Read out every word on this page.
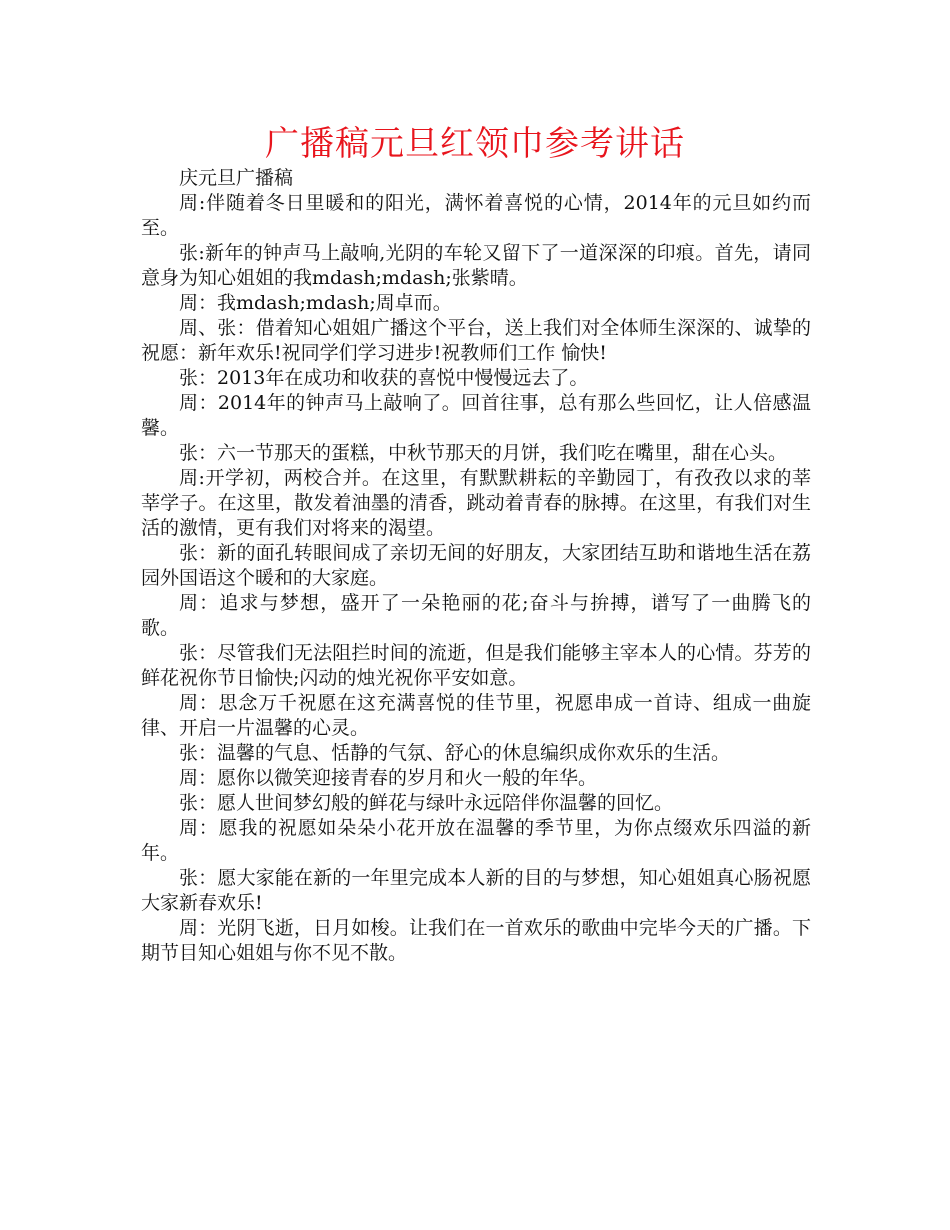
广播稿元旦红领巾参考讲话

庆元旦广播稿

周:伴随着冬日里暖和的阳光，满怀着喜悦的心情，2014年的元旦如约而至。

张:新年的钟声马上敲响,光阴的车轮又留下了一道深深的印痕。首先，请同意身为知心姐姐的我mdash;mdash;张紫晴。

周：我mdash;mdash;周卓而。

周、张：借着知心姐姐广播这个平台，送上我们对全体师生深深的、诚挚的祝愿：新年欢乐!祝同学们学习进步!祝教师们工作 愉快!

张：2013年在成功和收获的喜悦中慢慢远去了。

周：2014年的钟声马上敲响了。回首往事，总有那么些回忆，让人倍感温馨。

张：六一节那天的蛋糕，中秋节那天的月饼，我们吃在嘴里，甜在心头。

周:开学初，两校合并。在这里，有默默耕耘的辛勤园丁，有孜孜以求的莘莘学子。在这里，散发着油墨的清香，跳动着青春的脉搏。在这里，有我们对生活的激情，更有我们对将来的渴望。

张：新的面孔转眼间成了亲切无间的好朋友，大家团结互助和谐地生活在荔园外国语这个暖和的大家庭。

周：追求与梦想，盛开了一朵艳丽的花;奋斗与拚搏，谱写了一曲腾飞的歌。

张：尽管我们无法阻拦时间的流逝，但是我们能够主宰本人的心情。芬芳的鲜花祝你节日愉快;闪动的烛光祝你平安如意。

周：思念万千祝愿在这充满喜悦的佳节里，祝愿串成一首诗、组成一曲旋律、开启一片温馨的心灵。

张：温馨的气息、恬静的气氛、舒心的休息编织成你欢乐的生活。

周：愿你以微笑迎接青春的岁月和火一般的年华。

张：愿人世间梦幻般的鲜花与绿叶永远陪伴你温馨的回忆。

周：愿我的祝愿如朵朵小花开放在温馨的季节里，为你点缀欢乐四溢的新年。

张：愿大家能在新的一年里完成本人新的目的与梦想，知心姐姐真心肠祝愿大家新春欢乐!

周：光阴飞逝，日月如梭。让我们在一首欢乐的歌曲中完毕今天的广播。下期节目知心姐姐与你不见不散。
